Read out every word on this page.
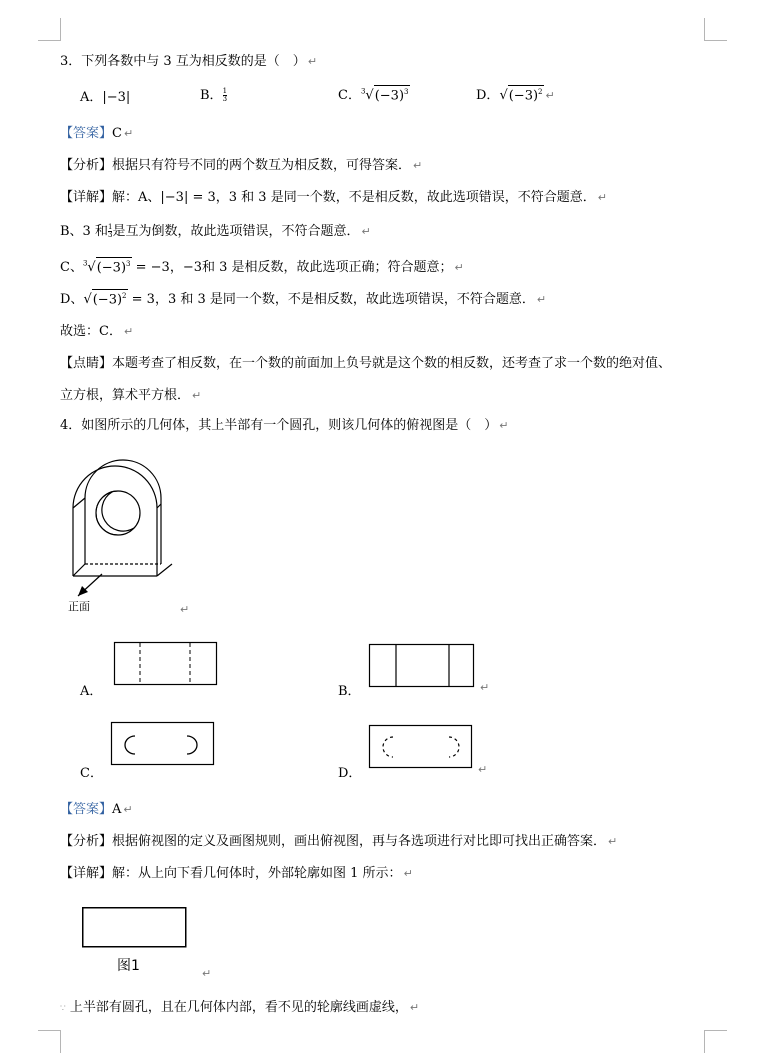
3．下列各数中与 3 互为相反数的是（　） ↵
A．|−3|	B． $\frac{1}{3}$	C．$^3√(-3)^3$	D．$√(-3)^2$ ↵
【答案】C ↵
【分析】根据只有符号不同的两个数互为相反数，可得答案． ↵
【详解】解：A、|−3| = 3，3 和 3 是同一个数，不是相反数，故此选项错误，不符合题意． ↵
B、3 和 $\frac{1}{3}$ 是互为倒数，故此选项错误，不符合题意． ↵
C、$^3√(-3)^3 = -3$，−3和 3 是相反数，故此选项正确；符合题意； ↵
D、$√(-3)^2 = 3$，3 和 3 是同一个数，不是相反数，故此选项错误，不符合题意． ↵
故选：C． ↵
【点睛】本题考查了相反数，在一个数的前面加上负号就是这个数的相反数，还考查了求一个数的绝对值、
立方根，算术平方根． ↵
4．如图所示的几何体，其上半部有一个圆孔，则该几何体的俯视图是（　） ↵
正面	↵
A．	B．	↵
C．	D．	↵
【答案】A ↵
【分析】根据俯视图的定义及画图规则，画出俯视图，再与各选项进行对比即可找出正确答案． ↵
【详解】解：从上向下看几何体时，外部轮廓如图 1 所示： ↵
图1	↵
∵ 上半部有圆孔，且在几何体内部，看不见的轮廓线画虚线， ↵
